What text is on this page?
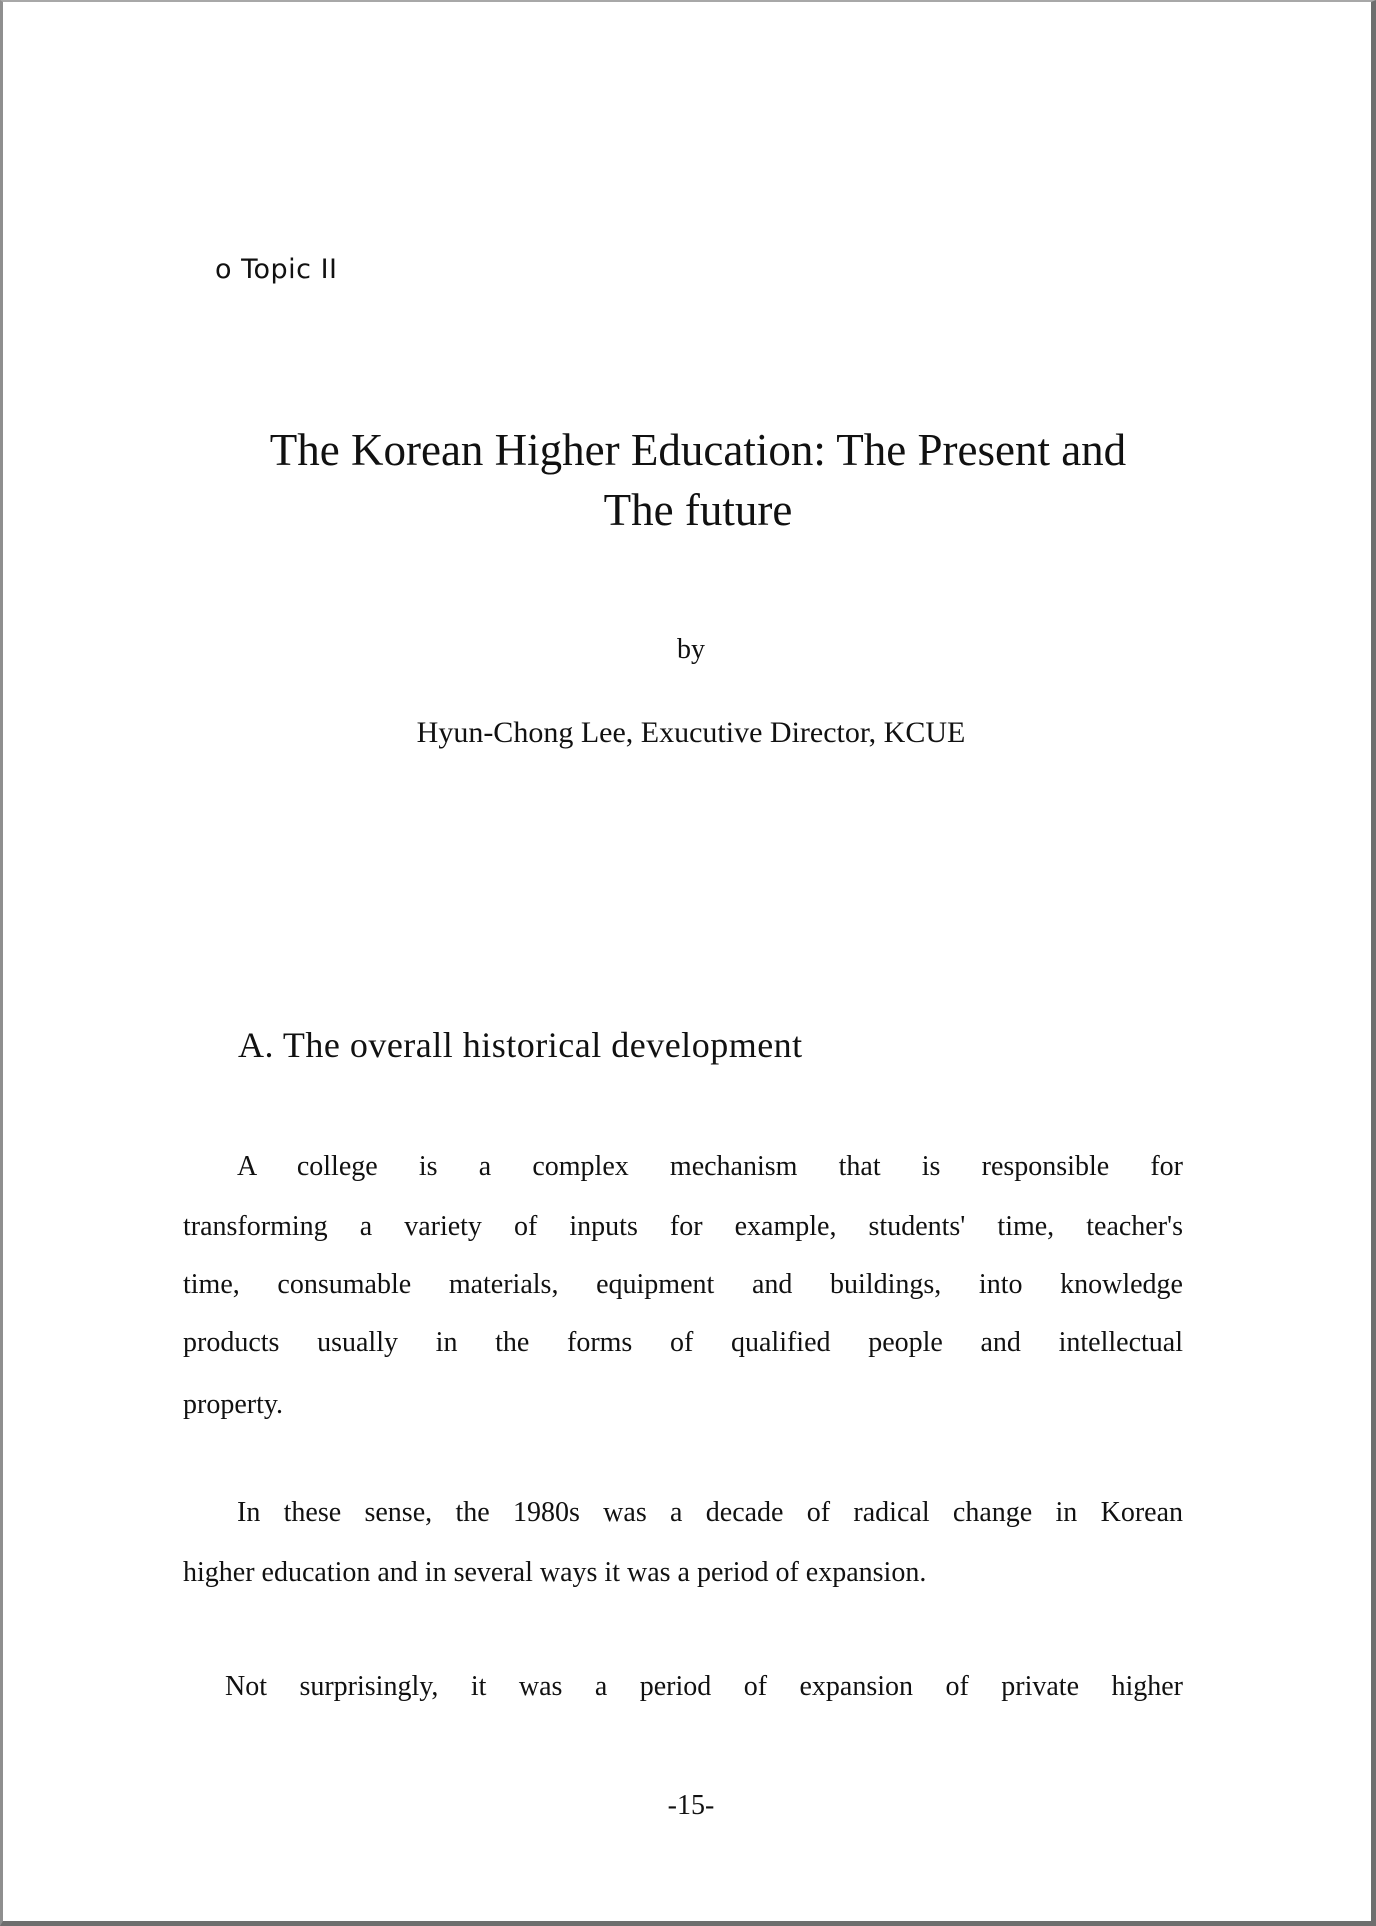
o Topic II
The Korean Higher Education: The Present and
The future
by
Hyun-Chong Lee, Exucutive Director, KCUE
A. The overall historical development
A college is a complex mechanism that is responsible for
transforming a variety of inputs for example, students' time, teacher's
time, consumable materials, equipment and buildings, into knowledge
products usually in the forms of qualified people and intellectual
property.
In these sense, the 1980s was a decade of radical change in Korean
higher education and in several ways it was a period of expansion.
Not surprisingly, it was a period of expansion of private higher
-15-
